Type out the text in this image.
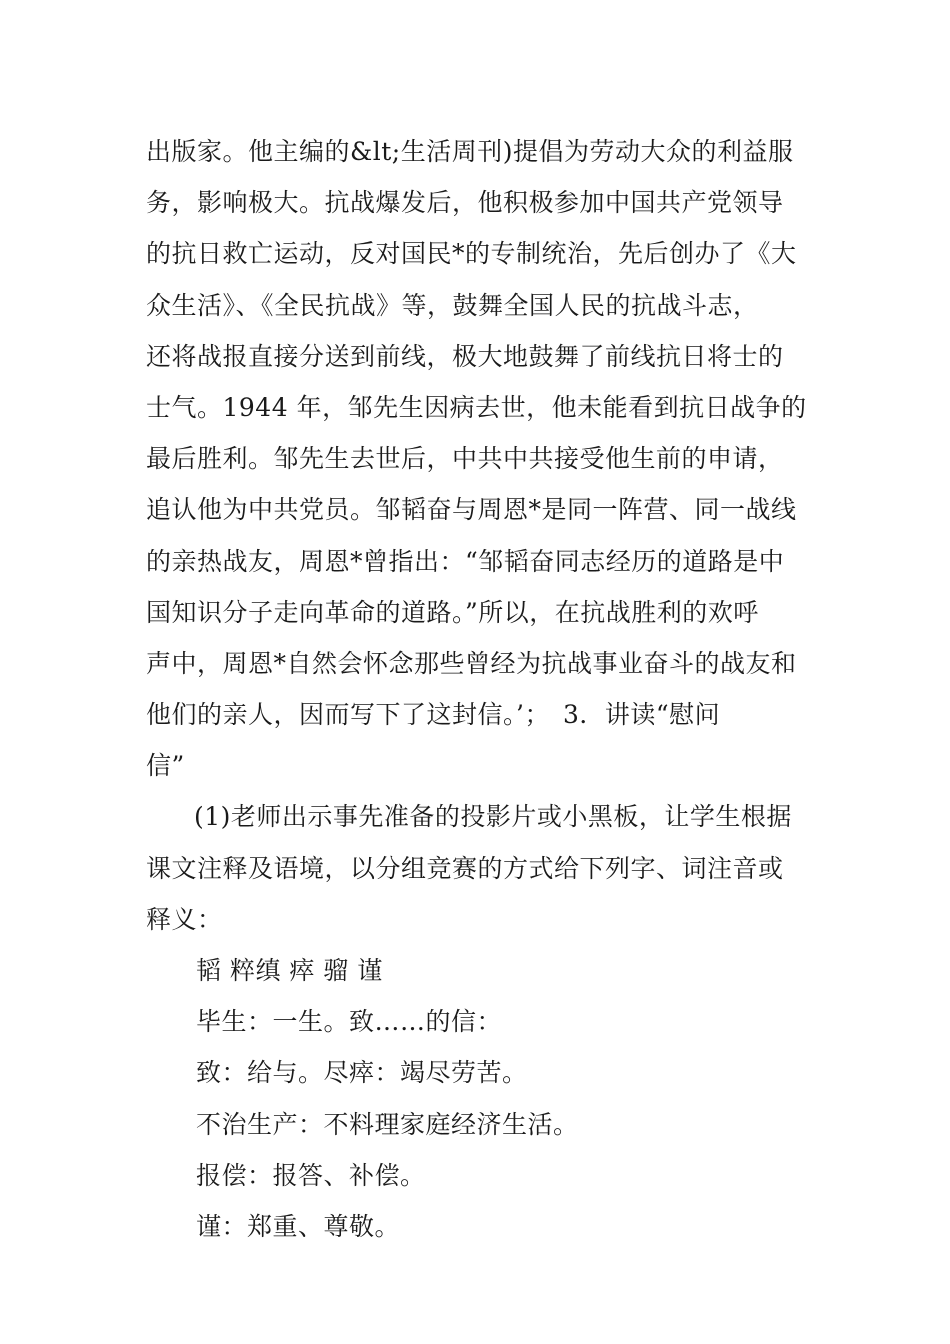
出版家。他主编的&lt;生活周刊)提倡为劳动大众的利益服
务，影响极大。抗战爆发后，他积极参加中国共产党领导
的抗日救亡运动，反对国民*的专制统治，先后创办了《大
众生活》、《全民抗战》等，鼓舞全国人民的抗战斗志，
还将战报直接分送到前线，极大地鼓舞了前线抗日将士的
士气。1944 年，邹先生因病去世，他未能看到抗日战争的
最后胜利。邹先生去世后，中共中共接受他生前的申请，
追认他为中共党员。邹韬奋与周恩*是同一阵营、同一战线
的亲热战友，周恩*曾指出：“邹韬奋同志经历的道路是中
国知识分子走向革命的道路。”所以，在抗战胜利的欢呼
声中，周恩*自然会怀念那些曾经为抗战事业奋斗的战友和
他们的亲人，因而写下了这封信。’；　3．讲读“慰问
信”
(1)老师出示事先准备的投影片或小黑板，让学生根据
课文注释及语境，以分组竞赛的方式给下列字、词注音或
释义：
韬 粹缜 瘁 骝 谨
毕生：一生。致……的信：
致：给与。尽瘁：竭尽劳苦。
不治生产：不料理家庭经济生活。
报偿：报答、补偿。
谨：郑重、尊敬。
